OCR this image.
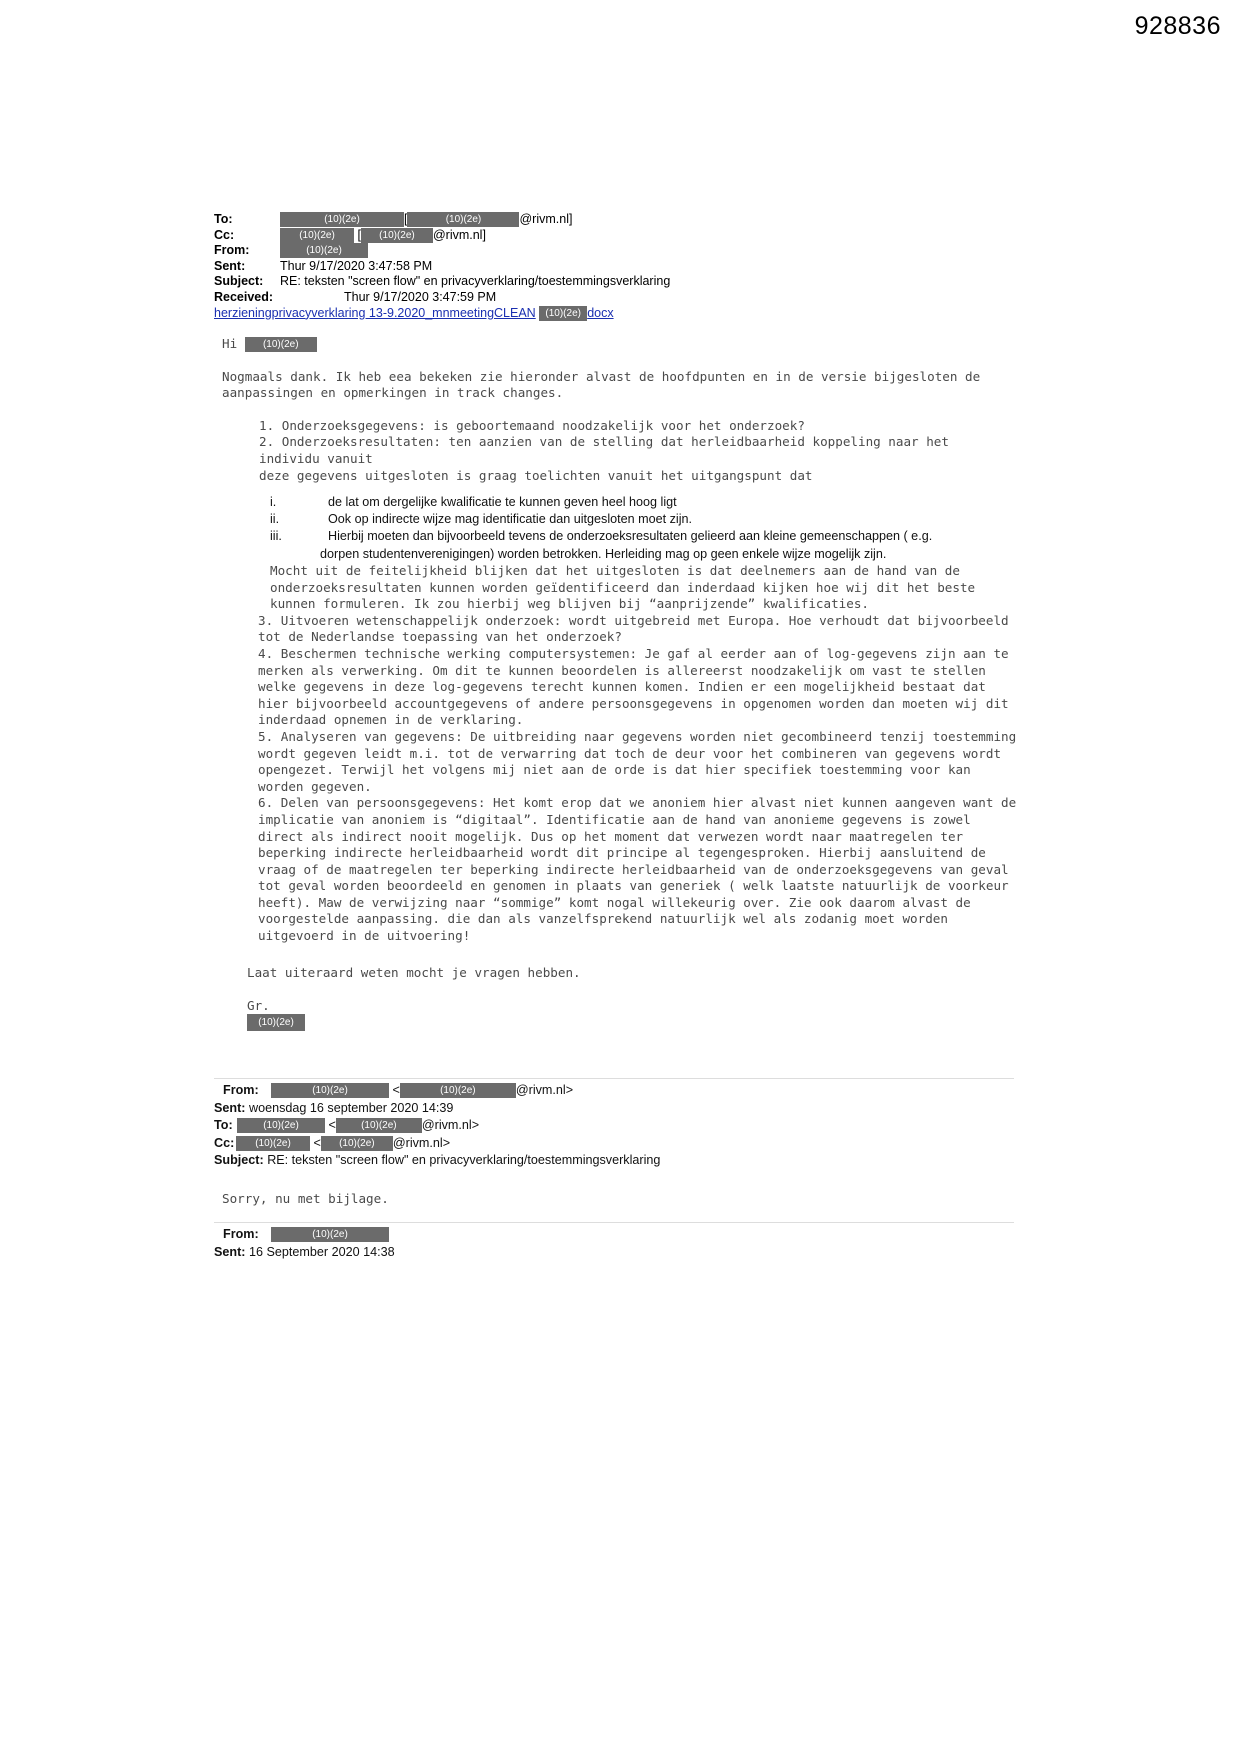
928836
To:	(10)(2e)	[	(10)(2e)	@rivm.nl]
Cc:	(10)(2e) [ (10)(2e) @rivm.nl]
From:	(10)(2e)
Sent:	Thur 9/17/2020 3:47:58 PM
Subject: RE: teksten "screen flow" en privacyverklaring/toestemmingsverklaring
Received:	Thur 9/17/2020 3:47:59 PM
herzieningprivacyverklaring 13-9.2020_mnmeetingCLEAN (10)(2e) docx

Hi	(10)(2e)

Nogmaals dank. Ik heb eea bekeken zie hieronder alvast de hoofdpunten en in de versie bijgesloten de aanpassingen en opmerkingen in track changes.

1. Onderzoeksgegevens: is geboortemaand noodzakelijk voor het onderzoek?

2. Onderzoeksresultaten: ten aanzien van de stelling dat herleidbaarheid koppeling naar het individu vanuit

deze gegevens uitgesloten is graag toelichten vanuit het uitgangspunt dat

i.	de lat om dergelijke kwalificatie te kunnen geven heel hoog ligt
ii.	Ook op indirecte wijze mag identificatie dan uitgesloten moet zijn.
iii.	Hierbij moeten dan bijvoorbeeld tevens de onderzoeksresultaten gelieerd aan kleine gemeenschappen ( e.g.
dorpen studentenverenigingen) worden betrokken. Herleiding mag op geen enkele wijze mogelijk zijn.

Mocht uit de feitelijkheid blijken dat het uitgesloten is dat deelnemers aan de hand van de onderzoeksresultaten kunnen worden geïdentificeerd dan inderdaad kijken hoe wij dit het beste kunnen formuleren. Ik zou hierbij weg blijven bij “aanprijzende” kwalificaties.

3. Uitvoeren wetenschappelijk onderzoek: wordt uitgebreid met Europa. Hoe verhoudt dat bijvoorbeeld tot de Nederlandse toepassing van het onderzoek?

4. Beschermen technische werking computersystemen: Je gaf al eerder aan of log-gegevens zijn aan te merken als verwerking. Om dit te kunnen beoordelen is allereerst noodzakelijk om vast te stellen welke gegevens in deze log-gegevens terecht kunnen komen. Indien er een mogelijkheid bestaat dat hier bijvoorbeeld accountgegevens of andere persoonsgegevens in opgenomen worden dan moeten wij dit inderdaad opnemen in de verklaring.

5. Analyseren van gegevens: De uitbreiding naar gegevens worden niet gecombineerd tenzij toestemming wordt gegeven leidt m.i. tot de verwarring dat toch de deur voor het combineren van gegevens wordt opengezet. Terwijl het volgens mij niet aan de orde is dat hier specifiek toestemming voor kan worden gegeven.

6. Delen van persoonsgegevens: Het komt erop dat we anoniem hier alvast niet kunnen aangeven want de implicatie van anoniem is “digitaal”. Identificatie aan de hand van anonieme gegevens is zowel direct als indirect nooit mogelijk. Dus op het moment dat verwezen wordt naar maatregelen ter beperking indirecte herleidbaarheid wordt dit principe al tegengesproken. Hierbij aansluitend de vraag of de maatregelen ter beperking indirecte herleidbaarheid van de onderzoeksgegevens van geval tot geval worden beoordeeld en genomen in plaats van generiek ( welk laatste natuurlijk de voorkeur heeft). Maw de verwijzing naar “sommige” komt nogal willekeurig over. Zie ook daarom alvast de voorgestelde aanpassing. die dan als vanzelfsprekend natuurlijk wel als zodanig moet worden uitgevoerd in de uitvoering!

Laat uiteraard weten mocht je vragen hebben.

Gr.

(10)(2e)
From:	(10)(2e)	<	(10)(2e)	@rivm.nl>
Sent: woensdag 16 september 2020 14:39
To:	(10)(2e) <	(10)(2e) @rivm.nl>
Cc: (10)(2e) < (10)(2e) @rivm.nl>
Subject: RE: teksten "screen flow" en privacyverklaring/toestemmingsverklaring
Sorry, nu met bijlage.
From:	(10)(2e)
Sent: 16 September 2020 14:38
